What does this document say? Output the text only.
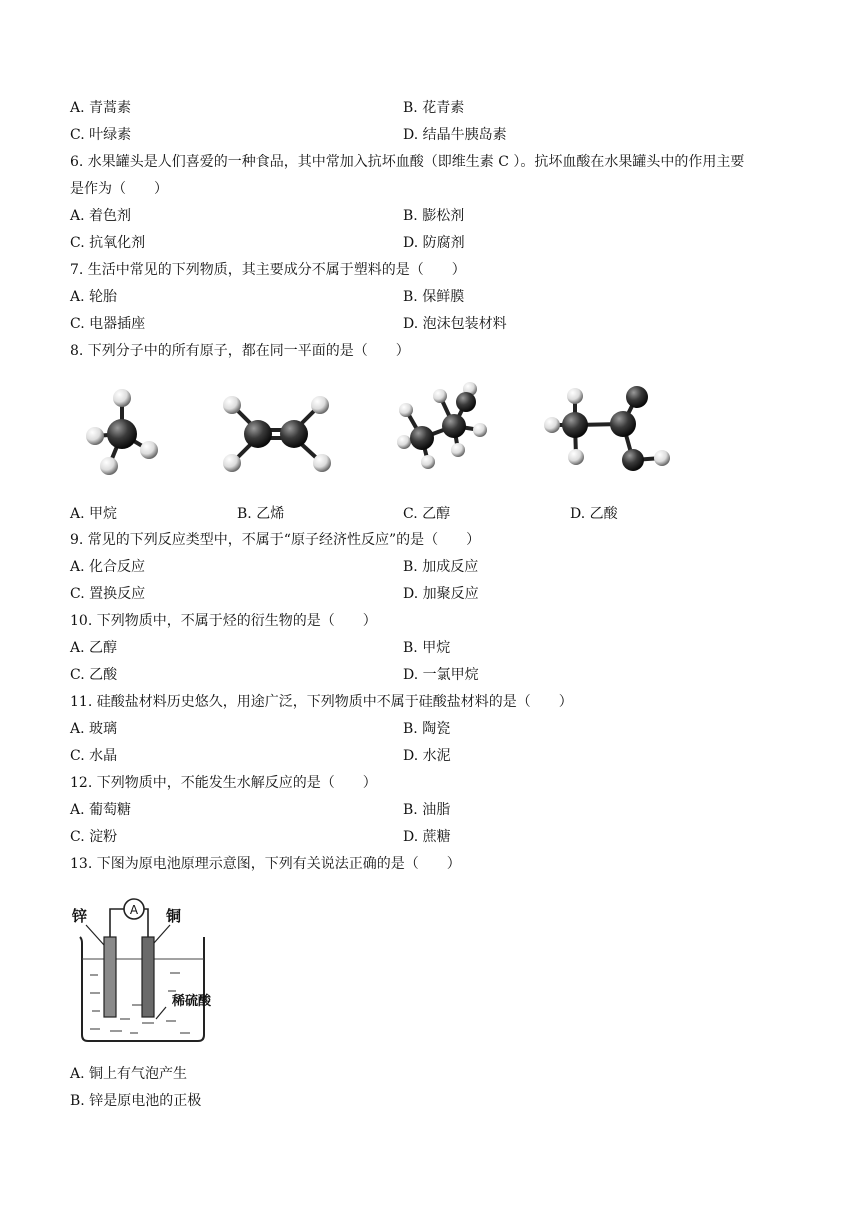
A. 青蒿素	B. 花青素
C. 叶绿素	D. 结晶牛胰岛素
6. 水果罐头是人们喜爱的一种食品，其中常加入抗坏血酸（即维生素 C ）。抗坏血酸在水果罐头中的作用主要
是作为（　　）
A. 着色剂	B. 膨松剂
C. 抗氧化剂	D. 防腐剂
7. 生活中常见的下列物质，其主要成分不属于塑料的是（　　）
A. 轮胎	B. 保鲜膜
C. 电器插座	D. 泡沫包装材料
8. 下列分子中的所有原子，都在同一平面的是（　　）
A. 甲烷	B. 乙烯	C. 乙醇	D. 乙酸
9. 常见的下列反应类型中，不属于“原子经济性反应”的是（　　）
A. 化合反应	B. 加成反应
C. 置换反应	D. 加聚反应
10. 下列物质中，不属于烃的衍生物的是（　　）
A. 乙醇	B. 甲烷
C. 乙酸	D. 一氯甲烷
11. 硅酸盐材料历史悠久，用途广泛，下列物质中不属于硅酸盐材料的是（　　）
A. 玻璃	B. 陶瓷
C. 水晶	D. 水泥
12. 下列物质中，不能发生水解反应的是（　　）
A. 葡萄糖	B. 油脂
C. 淀粉	D. 蔗糖
13. 下图为原电池原理示意图，下列有关说法正确的是（　　）
A
锌	铜
稀硫酸
A. 铜上有气泡产生
B. 锌是原电池的正极
